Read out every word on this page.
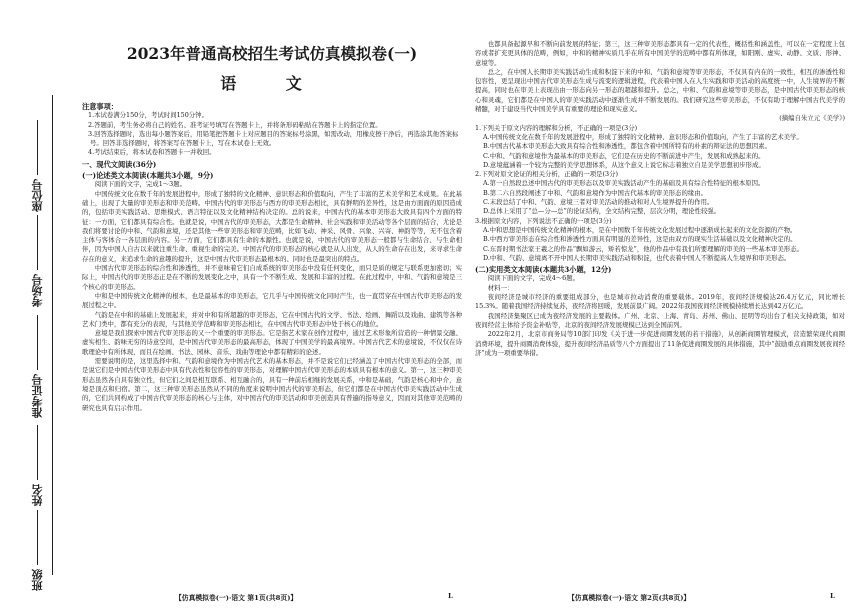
座位号
考场号
准考证号
姓名
班级
2023年普通高校招生考试仿真模拟卷(一)
语 文
注意事项：
1.本试卷满分150分，考试时间150分钟。
2.答题前，考生务必将自己的姓名、准考证号填写在答题卡上，并将条形码粘贴在答题卡上的指定位置。
3.回答选择题时，选出每小题答案后，用铅笔把答题卡上对应题目的答案标号涂黑，如需改动，用橡皮擦干净后，再选涂其他答案标号。回答非选择题时，将答案写在答题卡上，写在本试卷上无效。
4.考试结束后，将本试卷和答题卡一并收回。
一、现代文阅读(36分)
(一)论述类文本阅读(本题共3小题，9分)
阅读下面的文字，完成1～3题。
中国传统文化在数千年的发展进程中，形成了独特的文化精神、意识形态和价值取向，产生了丰富的艺术美学和艺术成果。在此基础上，出现了大量的审美形态和审美范畴。中国古代的审美形态与西方的审美形态相比，具有鲜明的差异性，这是由方面面的原因造成的，包括审美实践活动、思维模式、语言特征以及文化精神结构决定的。总的说来，中国古代的基本审美形态大致具有四个方面的特征：一方面，它们都具有综合性。也就是说，中国古代的审美形态，大都是生命精神、社会实践和审美活动等各个层面的结合，尤论是我们将要讨论的中和、气韵和意境，还是其他一些审美形态和审美范畴，比如飞动、神采、风骨、兴象、兴寄、神韵等等，无不包含着主体与客体合一各层面的内容。另一方面，它们都具有生命的本源性。也就是说，中国古代的审美形态一般都与生命结合、与生命相伴，因为中国人自古以来就注重生命、重视生命的完美。中国古代的审美形态的核心就是从人出发，从人的生命存在出发，来寻求生命存在的意义，来追求生命的意趣的提升，这是中国古代审美形态最根本的、同时也是最突出的特点。
中国古代审美形态的综合性和渗透性，并不意味着它们自成系统的审美形态中没有任何变化，而只是质的规定与联系更加密切；实际上，中国古代的审美形态正是在不断的发展变化之中，具有一个不断生成、发展和丰富的过程。在此过程中，中和、气韵和意境是三个核心的审美形态。
中和是中国传统文化精神的根本，也是最基本的审美形态，它几乎与中国传统文化同时产生，也一直贯穿在中国古代审美形态的发展过程之中。
气韵是在中和的基础上发展起来，并对中和有所超越的审美形态，它在中国古代的文学、书法、绘画、舞蹈以及戏曲、建筑等各种艺术门类中，都有充分的表现，与其他美学范畴和审美形态相比，在中国古代审美形态中处于核心的地位。
意境是我们探索中国古代审美形态的又一个重要的审美形态。它是指艺术家在创作过程中，通过艺术形象所营造的一种情景交融、虚实相生、韵味无穷的诗意空间，是中国古代审美形态的最高形态，体现了中国美学的最高境界。中国古代艺术的意境说，不仅仅在诗歌理论中有所体现，而且在绘画、书法、园林、音乐、戏曲等理论中都有精彩的论述。
需要说明的是，这里选择中和、气韵和意境作为中国古代艺术的基本形态，并不是说它们已经涵盖了中国古代审美形态的全部，而是说它们是中国古代审美形态中具有代表性和包容性的审美形态，对理解中国古代审美形态的本质具有根本的意义。第一，这三种审美形态虽然各自具有独立性，但它们之间是相互联系、相互融合的，具有一种前后相继的发展关系，中和是基础，气韵是核心和中介，意境是顶点和归宿。第二，这三种审美形态虽然从不同的角度来说明中国古代的审美形态，但它们都是在中国古代审美实践活动中生成的，它们共同构成了中国古代审美形态的核心与主体，对中国古代的审美活动和审美创造具有普遍的指导意义，因而对其他审美范畴的研究也具有启示作用。
也都具备起源早和不断向前发展的特征；第三，这三种审美形态都具有一定的代表性，概括性和涵盖性，可以在一定程度上包容或者扩充更具体的范畴，例如，中和的精神实质几乎在所有中国美学的范畴中都有所体现，如阳刚、虚实、动静、文质、形神、意境等。
总之，在中国人长期审美实践活动生成和积淀下来的中和、气韵和意境等审美形态，不仅具有内在的一致性，相互的渗透性和包容性，更呈现出中国古代审美形态生成与流变的逻辑进程，代表着中国人在人生实践和审美活动的高度统一中，人生境界的不断提高，同时也在审美上表现出由一形态向另一形态的超越和提升。总之，中和、气韵和意境等审美形态，是中国古代审美形态的核心和灵魂，它们都是在中国人的审美实践活动中逐渐生成并不断发展的。我们研究这些审美形态，不仅有助于理解中国古代美学的精髓，对于建设当代中国美学具有重要的理论和现实意义。
(摘编自朱立元《美学》)
1.下列关于原文内容的理解和分析，不正确的一项是(3分)
A.中国传统文化在数千年的发展进程中，形成了独特的文化精神、意识形态和价值取向，产生了丰富的艺术美学。
B.中国古代基本审美形态大致具有综合性和渗透性，都包含着中国所特有的朴素的辩证法的思想因素。
C.中和、气韵和意境作为最基本的审美形态，它们是在历史的不断前进中产生，发展和成熟起来的。
D.意境蕴涵着一个较为完整的美学思想体系，从这个意义上说它标志着独立自足美学思想初步形成。
2.下列对原文论证的相关分析，正确的一项是(3分)
A.第一自然段总述中国古代的审美形态以及审美实践活动产生的基础及具有综合性特征的根本原因。
B.第二六自然段阐述了中和、气韵和意境作为中国古代基本的审美形态的缘由。
C.末段总结了中和、气韵、意境三者对审美活动的推动和对人生境界提升的作用。
D.总体上采用了“总—分—总”的论证结构，全文结构完整，层次分明，理论性较强。
3.根据原文内容，下列说法不正确的一项是(3分)
A.中和思想是中国传统文化精神的根本，是在中国数千年传统文化发展过程中逐渐成长起来的文化资源的产物。
B.中西方审美形态在综合性和渗透性方面具有明显的差异性，这是由双方的现实生活基础以及文化精神决定的。
C.东晋时期书法家王羲之的作品“飘如游云，矫若惊龙”，他的作品中有我们所要理解的审美的一些基本审美形态。
D.中和、气韵、意境离不开中国人长期审美实践活动和积淀，也代表着中国人不断提高人生境界和审美形态。
(二)实用类文本阅读(本题共3小题，12分)
阅读下面的文字，完成4～6题。
材料一：
夜间经济是城市经济的重要组成部分，也是城市拉动消费的重要载体。2019年，夜间经济规模达26.4万亿元，同比增长15.3%。随着我国经济持续复苏，夜经济将回暖，发展前景广阔。2022年我国夜间经济规模持续增长达到42万亿元。
我国经济集聚区已成为夜经济发展的主要载体。广州、北京、上海、青岛、苏州、佛山、昆明等均出台了相关支持政策，如对夜间经营主体给予资金补贴等，北京的夜间经济发展规模已达到全国前列。
2022年2月，北京市商务局等10部门印发《关于进一步促进商圈发展的若干措施》，从创新商圈管理模式，营造繁荣现代商圈消费环境，提升商圈消费体验，提升夜间经济品质等八个方面提出了11条促进商圈发展的具体措施，其中“鼓励重点商圈发展夜间经济”成为一项重要举措。
【仿真模拟卷(一)·语文 第1页(共8页)】	L	【仿真模拟卷(一)·语文 第2页(共8页)】	L
